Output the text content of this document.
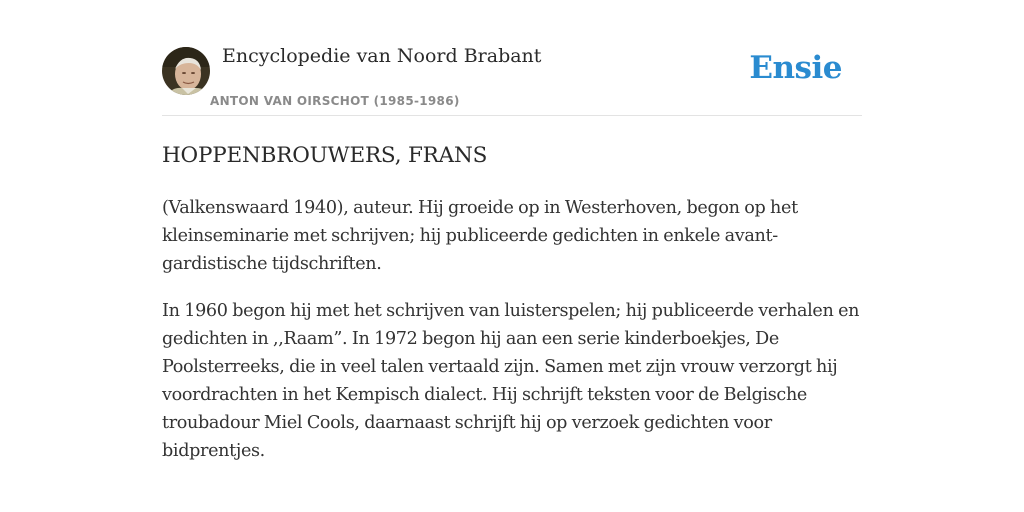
Encyclopedie van Noord Brabant
ANTON VAN OIRSCHOT (1985-1986)
Ensie
HOPPENBROUWERS, FRANS

(Valkenswaard 1940), auteur. Hij groeide op in Westerhoven, begon op het kleinseminarie met schrijven; hij publiceerde gedichten in enkele avant-gardistische tijdschriften.

In 1960 begon hij met het schrijven van luisterspelen; hij publiceerde verhalen en gedichten in ,,Raam”. In 1972 begon hij aan een serie kinderboekjes, De Poolsterreeks, die in veel talen vertaald zijn. Samen met zijn vrouw verzorgt hij voordrachten in het Kempisch dialect. Hij schrijft teksten voor de Belgische troubadour Miel Cools, daarnaast schrijft hij op verzoek gedichten voor bidprentjes.
